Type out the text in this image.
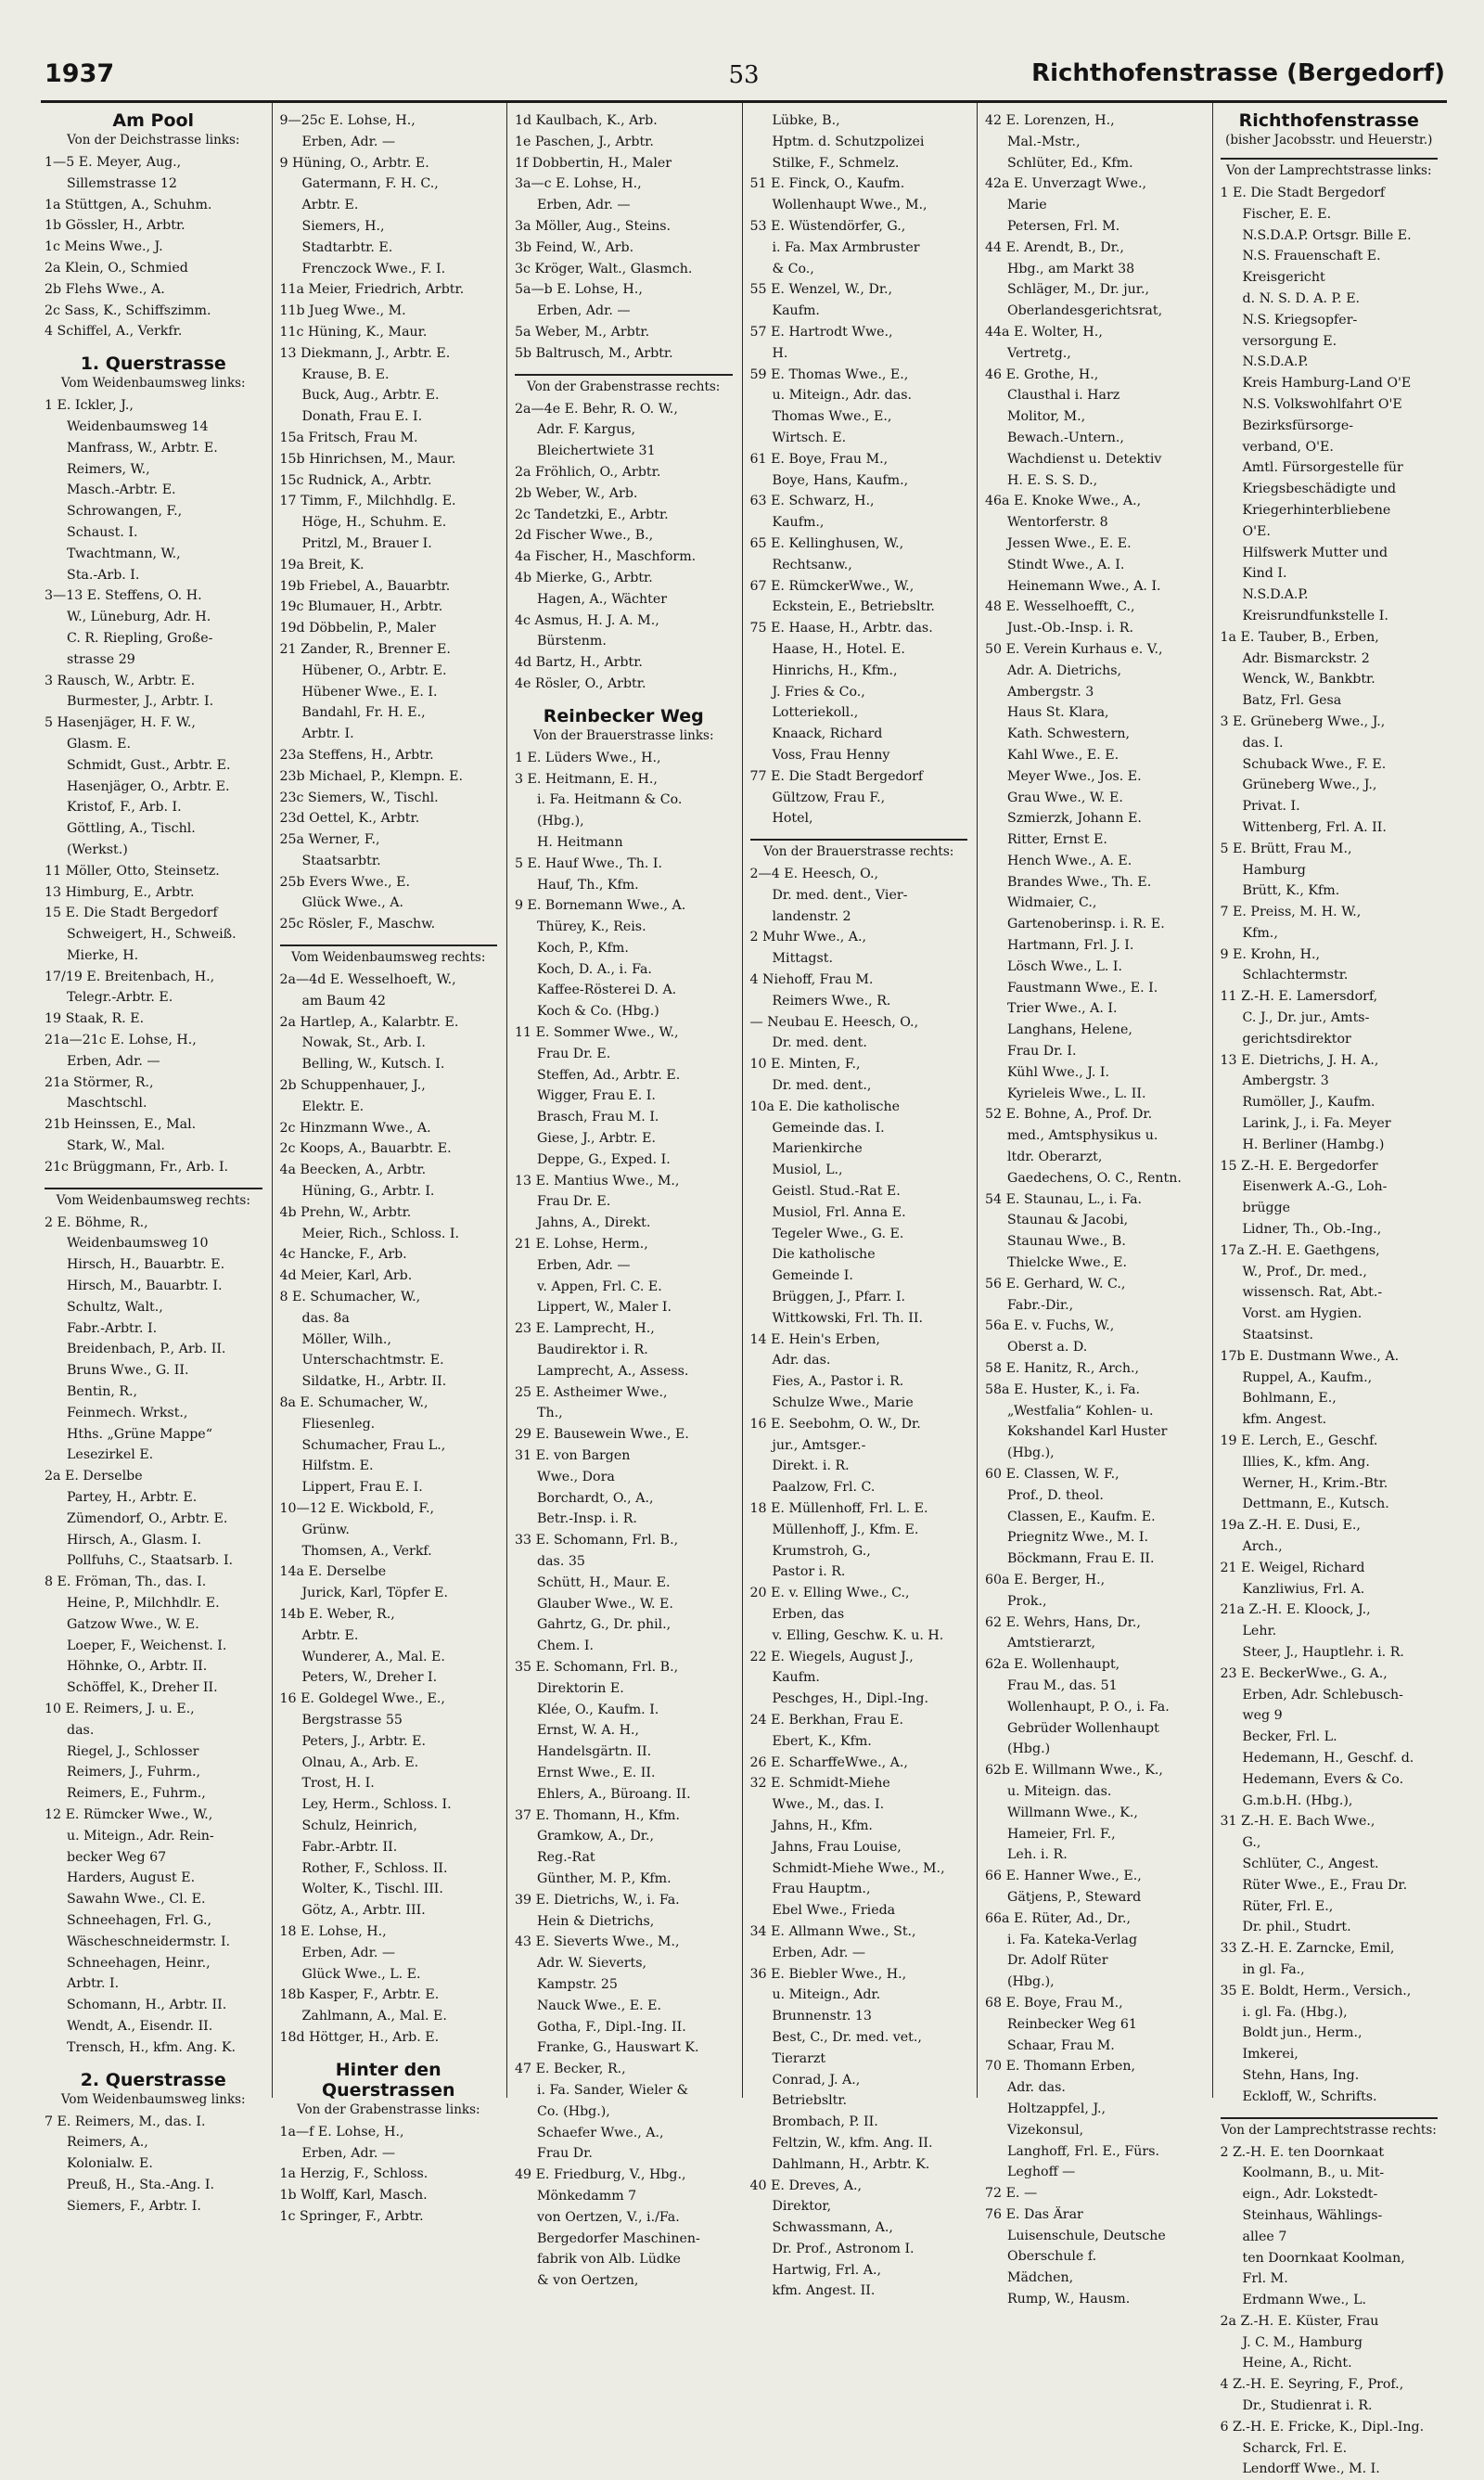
1937	53	Richthofenstrasse (Bergedorf)
Am Pool
Von der Deichstrasse links:
1—5 E. Meyer, Aug.,
Sillemstrasse 12
1a Stüttgen, A., Schuhm.
1b Gössler, H., Arbtr.
1c Meins Wwe., J.
2a Klein, O., Schmied
2b Flehs Wwe., A.
2c Sass, K., Schiffszimm.
4 Schiffel, A., Verkfr.
1. Querstrasse
Vom Weidenbaumsweg links:
1 E. Ickler, J.,
Weidenbaumsweg 14
Manfrass, W., Arbtr. E.
Reimers, W.,
Masch.-Arbtr. E.
Schrowangen, F.,
Schaust. I.
Twachtmann, W.,
Sta.-Arb. I.
3—13 E. Steffens, O. H.
W., Lüneburg, Adr. H.
C. R. Riepling, Große-
strasse 29
3 Rausch, W., Arbtr. E.
Burmester, J., Arbtr. I.
5 Hasenjäger, H. F. W.,
Glasm. E.
Schmidt, Gust., Arbtr. E.
Hasenjäger, O., Arbtr. E.
Kristof, F., Arb. I.
Göttling, A., Tischl.
(Werkst.)
11 Möller, Otto, Steinsetz.
13 Himburg, E., Arbtr.
15 E. Die Stadt Bergedorf
Schweigert, H., Schweiß.
Mierke, H.
17/19 E. Breitenbach, H.,
Telegr.-Arbtr. E.
19 Staak, R. E.
21a—21c E. Lohse, H.,
Erben, Adr. —
21a Störmer, R.,
Maschtschl.
21b Heinssen, E., Mal.
Stark, W., Mal.
21c Brüggmann, Fr., Arb. I.
Vom Weidenbaumsweg rechts:
2 E. Böhme, R.,
Weidenbaumsweg 10
Hirsch, H., Bauarbtr. E.
Hirsch, M., Bauarbtr. I.
Schultz, Walt.,
Fabr.-Arbtr. I.
Breidenbach, P., Arb. II.
Bruns Wwe., G. II.
Bentin, R.,
Feinmech. Wrkst.,
Hths. „Grüne Mappe“
Lesezirkel E.
2a E. Derselbe
Partey, H., Arbtr. E.
Zümendorf, O., Arbtr. E.
Hirsch, A., Glasm. I.
Pollfuhs, C., Staatsarb. I.
8 E. Fröman, Th., das. I.
Heine, P., Milchhdlr. E.
Gatzow Wwe., W. E.
Loeper, F., Weichenst. I.
Höhnke, O., Arbtr. II.
Schöffel, K., Dreher II.
10 E. Reimers, J. u. E.,
das.
Riegel, J., Schlosser
Reimers, J., Fuhrm.,
Reimers, E., Fuhrm.,
12 E. Rümcker Wwe., W.,
u. Miteign., Adr. Rein-
becker Weg 67
Harders, August E.
Sawahn Wwe., Cl. E.
Schneehagen, Frl. G.,
Wäscheschneidermstr. I.
Schneehagen, Heinr.,
Arbtr. I.
Schomann, H., Arbtr. II.
Wendt, A., Eisendr. II.
Trensch, H., kfm. Ang. K.
2. Querstrasse
Vom Weidenbaumsweg links:
7 E. Reimers, M., das. I.
Reimers, A.,
Kolonialw. E.
Preuß, H., Sta.-Ang. I.
Siemers, F., Arbtr. I.
9—25c E. Lohse, H.,
Erben, Adr. —
9 Hüning, O., Arbtr. E.
Gatermann, F. H. C.,
Arbtr. E.
Siemers, H.,
Stadtarbtr. E.
Frenczock Wwe., F. I.
11a Meier, Friedrich, Arbtr.
11b Jueg Wwe., M.
11c Hüning, K., Maur.
13 Diekmann, J., Arbtr. E.
Krause, B. E.
Buck, Aug., Arbtr. E.
Donath, Frau E. I.
15a Fritsch, Frau M.
15b Hinrichsen, M., Maur.
15c Rudnick, A., Arbtr.
17 Timm, F., Milchhdlg. E.
Höge, H., Schuhm. E.
Pritzl, M., Brauer I.
19a Breit, K.
19b Friebel, A., Bauarbtr.
19c Blumauer, H., Arbtr.
19d Döbbelin, P., Maler
21 Zander, R., Brenner E.
Hübener, O., Arbtr. E.
Hübener Wwe., E. I.
Bandahl, Fr. H. E.,
Arbtr. I.
23a Steffens, H., Arbtr.
23b Michael, P., Klempn. E.
23c Siemers, W., Tischl.
23d Oettel, K., Arbtr.
25a Werner, F.,
Staatsarbtr.
25b Evers Wwe., E.
Glück Wwe., A.
25c Rösler, F., Maschw.
Vom Weidenbaumsweg rechts:
2a—4d E. Wesselhoeft, W.,
am Baum 42
2a Hartlep, A., Kalarbtr. E.
Nowak, St., Arb. I.
Belling, W., Kutsch. I.
2b Schuppenhauer, J.,
Elektr. E.
2c Hinzmann Wwe., A.
2c Koops, A., Bauarbtr. E.
4a Beecken, A., Arbtr.
Hüning, G., Arbtr. I.
4b Prehn, W., Arbtr.
Meier, Rich., Schloss. I.
4c Hancke, F., Arb.
4d Meier, Karl, Arb.
8 E. Schumacher, W.,
das. 8a
Möller, Wilh.,
Unterschachtmstr. E.
Sildatke, H., Arbtr. II.
8a E. Schumacher, W.,
Fliesenleg.
Schumacher, Frau L.,
Hilfstm. E.
Lippert, Frau E. I.
10—12 E. Wickbold, F.,
Grünw.
Thomsen, A., Verkf.
14a E. Derselbe
Jurick, Karl, Töpfer E.
14b E. Weber, R.,
Arbtr. E.
Wunderer, A., Mal. E.
Peters, W., Dreher I.
16 E. Goldegel Wwe., E.,
Bergstrasse 55
Peters, J., Arbtr. E.
Olnau, A., Arb. E.
Trost, H. I.
Ley, Herm., Schloss. I.
Schulz, Heinrich,
Fabr.-Arbtr. II.
Rother, F., Schloss. II.
Wolter, K., Tischl. III.
Götz, A., Arbtr. III.
18 E. Lohse, H.,
Erben, Adr. —
Glück Wwe., L. E.
18b Kasper, F., Arbtr. E.
Zahlmann, A., Mal. E.
18d Höttger, H., Arb. E.
Hinter den Querstrassen
Von der Grabenstrasse links:
1a—f E. Lohse, H.,
Erben, Adr. —
1a Herzig, F., Schloss.
1b Wolff, Karl, Masch.
1c Springer, F., Arbtr.
1d Kaulbach, K., Arb.
1e Paschen, J., Arbtr.
1f Dobbertin, H., Maler
3a—c E. Lohse, H.,
Erben, Adr. —
3a Möller, Aug., Steins.
3b Feind, W., Arb.
3c Kröger, Walt., Glasmch.
5a—b E. Lohse, H.,
Erben, Adr. —
5a Weber, M., Arbtr.
5b Baltrusch, M., Arbtr.
Von der Grabenstrasse rechts:
2a—4e E. Behr, R. O. W.,
Adr. F. Kargus,
Bleichertwiete 31
2a Fröhlich, O., Arbtr.
2b Weber, W., Arb.
2c Tandetzki, E., Arbtr.
2d Fischer Wwe., B.,
4a Fischer, H., Maschform.
4b Mierke, G., Arbtr.
Hagen, A., Wächter
4c Asmus, H. J. A. M.,
Bürstenm.
4d Bartz, H., Arbtr.
4e Rösler, O., Arbtr.
Reinbecker Weg
Von der Brauerstrasse links:
1 E. Lüders Wwe., H.,
3 E. Heitmann, E. H.,
i. Fa. Heitmann & Co.
(Hbg.),
H. Heitmann
5 E. Hauf Wwe., Th. I.
Hauf, Th., Kfm.
9 E. Bornemann Wwe., A.
Thürey, K., Reis.
Koch, P., Kfm.
Koch, D. A., i. Fa.
Kaffee-Rösterei D. A.
Koch & Co. (Hbg.)
11 E. Sommer Wwe., W.,
Frau Dr. E.
Steffen, Ad., Arbtr. E.
Wigger, Frau E. I.
Brasch, Frau M. I.
Giese, J., Arbtr. E.
Deppe, G., Exped. I.
13 E. Mantius Wwe., M.,
Frau Dr. E.
Jahns, A., Direkt.
21 E. Lohse, Herm.,
Erben, Adr. —
v. Appen, Frl. C. E.
Lippert, W., Maler I.
23 E. Lamprecht, H.,
Baudirektor i. R.
Lamprecht, A., Assess.
25 E. Astheimer Wwe.,
Th.,
29 E. Bausewein Wwe., E.
31 E. von Bargen
Wwe., Dora
Borchardt, O., A.,
Betr.-Insp. i. R.
33 E. Schomann, Frl. B.,
das. 35
Schütt, H., Maur. E.
Glauber Wwe., W. E.
Gahrtz, G., Dr. phil.,
Chem. I.
35 E. Schomann, Frl. B.,
Direktorin E.
Klée, O., Kaufm. I.
Ernst, W. A. H.,
Handelsgärtn. II.
Ernst Wwe., E. II.
Ehlers, A., Büroang. II.
37 E. Thomann, H., Kfm.
Gramkow, A., Dr.,
Reg.-Rat
Günther, M. P., Kfm.
39 E. Dietrichs, W., i. Fa.
Hein & Dietrichs,
43 E. Sieverts Wwe., M.,
Adr. W. Sieverts,
Kampstr. 25
Nauck Wwe., E. E.
Gotha, F., Dipl.-Ing. II.
Franke, G., Hauswart K.
47 E. Becker, R.,
i. Fa. Sander, Wieler &
Co. (Hbg.),
Schaefer Wwe., A.,
Frau Dr.
49 E. Friedburg, V., Hbg.,
Mönkedamm 7
von Oertzen, V., i./Fa.
Bergedorfer Maschinen-
fabrik von Alb. Lüdke
& von Oertzen,
Lübke, B.,
Hptm. d. Schutzpolizei
Stilke, F., Schmelz.
51 E. Finck, O., Kaufm.
Wollenhaupt Wwe., M.,
53 E. Wüstendörfer, G.,
i. Fa. Max Armbruster
& Co.,
55 E. Wenzel, W., Dr.,
Kaufm.
57 E. Hartrodt Wwe.,
H.
59 E. Thomas Wwe., E.,
u. Miteign., Adr. das.
Thomas Wwe., E.,
Wirtsch. E.
61 E. Boye, Frau M.,
Boye, Hans, Kaufm.,
63 E. Schwarz, H.,
Kaufm.,
65 E. Kellinghusen, W.,
Rechtsanw.,
67 E. RümckerWwe., W.,
Eckstein, E., Betriebsltr.
75 E. Haase, H., Arbtr. das.
Haase, H., Hotel. E.
Hinrichs, H., Kfm.,
J. Fries & Co.,
Lotteriekoll.,
Knaack, Richard
Voss, Frau Henny
77 E. Die Stadt Bergedorf
Gültzow, Frau F.,
Hotel,
Von der Brauerstrasse rechts:
2—4 E. Heesch, O.,
Dr. med. dent., Vier-
landenstr. 2
2 Muhr Wwe., A.,
Mittagst.
4 Niehoff, Frau M.
Reimers Wwe., R.
— Neubau E. Heesch, O.,
Dr. med. dent.
10 E. Minten, F.,
Dr. med. dent.,
10a E. Die katholische
Gemeinde das. I.
Marienkirche
Musiol, L.,
Geistl. Stud.-Rat E.
Musiol, Frl. Anna E.
Tegeler Wwe., G. E.
Die katholische
Gemeinde I.
Brüggen, J., Pfarr. I.
Wittkowski, Frl. Th. II.
14 E. Hein's Erben,
Adr. das.
Fies, A., Pastor i. R.
Schulze Wwe., Marie
16 E. Seebohm, O. W., Dr.
jur., Amtsger.-
Direkt. i. R.
Paalzow, Frl. C.
18 E. Müllenhoff, Frl. L. E.
Müllenhoff, J., Kfm. E.
Krumstroh, G.,
Pastor i. R.
20 E. v. Elling Wwe., C.,
Erben, das
v. Elling, Geschw. K. u. H.
22 E. Wiegels, August J.,
Kaufm.
Peschges, H., Dipl.-Ing.
24 E. Berkhan, Frau E.
Ebert, K., Kfm.
26 E. ScharffeWwe., A.,
32 E. Schmidt-Miehe
Wwe., M., das. I.
Jahns, H., Kfm.
Jahns, Frau Louise,
Schmidt-Miehe Wwe., M.,
Frau Hauptm.,
Ebel Wwe., Frieda
34 E. Allmann Wwe., St.,
Erben, Adr. —
36 E. Biebler Wwe., H.,
u. Miteign., Adr.
Brunnenstr. 13
Best, C., Dr. med. vet.,
Tierarzt
Conrad, J. A.,
Betriebsltr.
Brombach, P. II.
Feltzin, W., kfm. Ang. II.
Dahlmann, H., Arbtr. K.
40 E. Dreves, A.,
Direktor,
Schwassmann, A.,
Dr. Prof., Astronom I.
Hartwig, Frl. A.,
kfm. Angest. II.
42 E. Lorenzen, H.,
Mal.-Mstr.,
Schlüter, Ed., Kfm.
42a E. Unverzagt Wwe.,
Marie
Petersen, Frl. M.
44 E. Arendt, B., Dr.,
Hbg., am Markt 38
Schläger, M., Dr. jur.,
Oberlandesgerichtsrat,
44a E. Wolter, H.,
Vertretg.,
46 E. Grothe, H.,
Clausthal i. Harz
Molitor, M.,
Bewach.-Untern.,
Wachdienst u. Detektiv
H. E. S. S. D.,
46a E. Knoke Wwe., A.,
Wentorferstr. 8
Jessen Wwe., E. E.
Stindt Wwe., A. I.
Heinemann Wwe., A. I.
48 E. Wesselhoefft, C.,
Just.-Ob.-Insp. i. R.
50 E. Verein Kurhaus e. V.,
Adr. A. Dietrichs,
Ambergstr. 3
Haus St. Klara,
Kath. Schwestern,
Kahl Wwe., E. E.
Meyer Wwe., Jos. E.
Grau Wwe., W. E.
Szmierzk, Johann E.
Ritter, Ernst E.
Hench Wwe., A. E.
Brandes Wwe., Th. E.
Widmaier, C.,
Gartenoberinsp. i. R. E.
Hartmann, Frl. J. I.
Lösch Wwe., L. I.
Faustmann Wwe., E. I.
Trier Wwe., A. I.
Langhans, Helene,
Frau Dr. I.
Kühl Wwe., J. I.
Kyrieleis Wwe., L. II.
52 E. Bohne, A., Prof. Dr.
med., Amtsphysikus u.
ltdr. Oberarzt,
Gaedechens, O. C., Rentn.
54 E. Staunau, L., i. Fa.
Staunau & Jacobi,
Staunau Wwe., B.
Thielcke Wwe., E.
56 E. Gerhard, W. C.,
Fabr.-Dir.,
56a E. v. Fuchs, W.,
Oberst a. D.
58 E. Hanitz, R., Arch.,
58a E. Huster, K., i. Fa.
„Westfalia“ Kohlen- u.
Kokshandel Karl Huster
(Hbg.),
60 E. Classen, W. F.,
Prof., D. theol.
Classen, E., Kaufm. E.
Priegnitz Wwe., M. I.
Böckmann, Frau E. II.
60a E. Berger, H.,
Prok.,
62 E. Wehrs, Hans, Dr.,
Amtstierarzt,
62a E. Wollenhaupt,
Frau M., das. 51
Wollenhaupt, P. O., i. Fa.
Gebrüder Wollenhaupt
(Hbg.)
62b E. Willmann Wwe., K.,
u. Miteign. das.
Willmann Wwe., K.,
Hameier, Frl. F.,
Leh. i. R.
66 E. Hanner Wwe., E.,
Gätjens, P., Steward
66a E. Rüter, Ad., Dr.,
i. Fa. Kateka-Verlag
Dr. Adolf Rüter
(Hbg.),
68 E. Boye, Frau M.,
Reinbecker Weg 61
Schaar, Frau M.
70 E. Thomann Erben,
Adr. das.
Holtzappfel, J.,
Vizekonsul,
Langhoff, Frl. E., Fürs.
Leghoff —
72 E. —
76 E. Das Ärar
Luisenschule, Deutsche
Oberschule f.
Mädchen,
Rump, W., Hausm.
Richthofenstrasse
(bisher Jacobsstr. und Heuerstr.)
Von der Lamprechtstrasse links:
1 E. Die Stadt Bergedorf
Fischer, E. E.
N.S.D.A.P. Ortsgr. Bille E.
N.S. Frauenschaft E.
Kreisgericht
d. N. S. D. A. P. E.
N.S. Kriegsopfer-
versorgung E.
N.S.D.A.P.
Kreis Hamburg-Land O'E
N.S. Volkswohlfahrt O'E
Bezirksfürsorge-
verband, O'E.
Amtl. Fürsorgestelle für
Kriegsbeschädigte und
Kriegerhinterbliebene
O'E.
Hilfswerk Mutter und
Kind I.
N.S.D.A.P.
Kreisrundfunkstelle I.
1a E. Tauber, B., Erben,
Adr. Bismarckstr. 2
Wenck, W., Bankbtr.
Batz, Frl. Gesa
3 E. Grüneberg Wwe., J.,
das. I.
Schuback Wwe., F. E.
Grüneberg Wwe., J.,
Privat. I.
Wittenberg, Frl. A. II.
5 E. Brütt, Frau M.,
Hamburg
Brütt, K., Kfm.
7 E. Preiss, M. H. W.,
Kfm.,
9 E. Krohn, H.,
Schlachtermstr.
11 Z.-H. E. Lamersdorf,
C. J., Dr. jur., Amts-
gerichtsdirektor
13 E. Dietrichs, J. H. A.,
Ambergstr. 3
Rumöller, J., Kaufm.
Larink, J., i. Fa. Meyer
H. Berliner (Hambg.)
15 Z.-H. E. Bergedorfer
Eisenwerk A.-G., Loh-
brügge
Lidner, Th., Ob.-Ing.,
17a Z.-H. E. Gaethgens,
W., Prof., Dr. med.,
wissensch. Rat, Abt.-
Vorst. am Hygien.
Staatsinst.
17b E. Dustmann Wwe., A.
Ruppel, A., Kaufm.,
Bohlmann, E.,
kfm. Angest.
19 E. Lerch, E., Geschf.
Illies, K., kfm. Ang.
Werner, H., Krim.-Btr.
Dettmann, E., Kutsch.
19a Z.-H. E. Dusi, E.,
Arch.,
21 E. Weigel, Richard
Kanzliwius, Frl. A.
21a Z.-H. E. Kloock, J.,
Lehr.
Steer, J., Hauptlehr. i. R.
23 E. BeckerWwe., G. A.,
Erben, Adr. Schlebusch-
weg 9
Becker, Frl. L.
Hedemann, H., Geschf. d.
Hedemann, Evers & Co.
G.m.b.H. (Hbg.),
31 Z.-H. E. Bach Wwe.,
G.,
Schlüter, C., Angest.
Rüter Wwe., E., Frau Dr.
Rüter, Frl. E.,
Dr. phil., Studrt.
33 Z.-H. E. Zarncke, Emil,
in gl. Fa.,
35 E. Boldt, Herm., Versich.,
i. gl. Fa. (Hbg.),
Boldt jun., Herm.,
Imkerei,
Stehn, Hans, Ing.
Eckloff, W., Schrifts.
Von der Lamprechtstrasse rechts:
2 Z.-H. E. ten Doornkaat
Koolmann, B., u. Mit-
eign., Adr. Lokstedt-
Steinhaus, Wählings-
allee 7
ten Doornkaat Koolman,
Frl. M.
Erdmann Wwe., L.
2a Z.-H. E. Küster, Frau
J. C. M., Hamburg
Heine, A., Richt.
4 Z.-H. E. Seyring, F., Prof.,
Dr., Studienrat i. R.
6 Z.-H. E. Fricke, K., Dipl.-Ing.
Scharck, Frl. E.
Lendorff Wwe., M. I.
